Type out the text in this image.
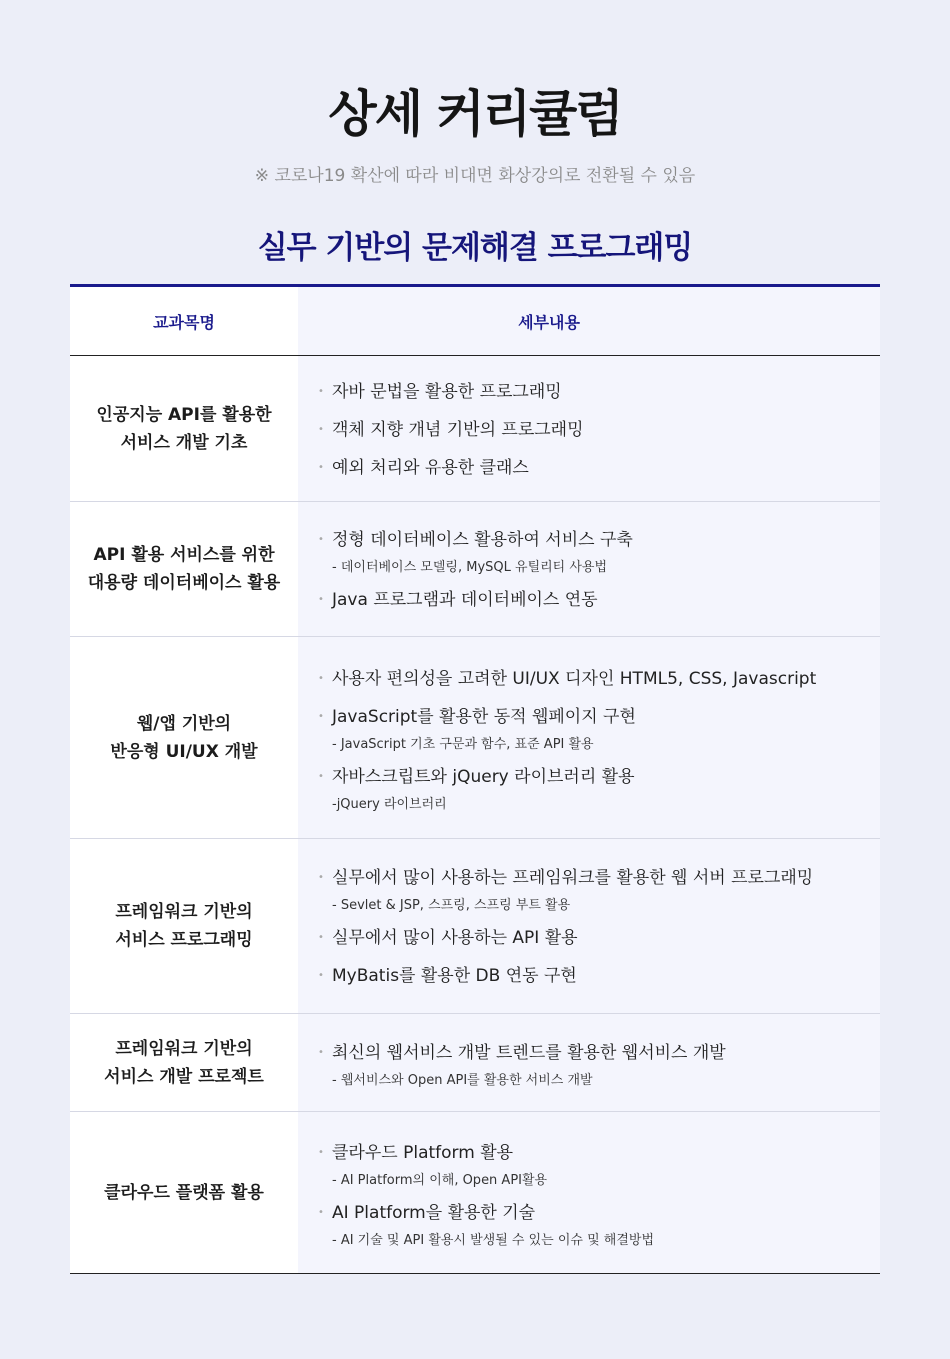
상세 커리큘럼
※ 코로나19 확산에 따라 비대면 화상강의로 전환될 수 있음
실무 기반의 문제해결 프로그래밍
교과목명	세부내용
인공지능 API를 활용한
서비스 개발 기초
• 자바 문법을 활용한 프로그래밍
• 객체 지향 개념 기반의 프로그래밍
• 예외 처리와 유용한 클래스
API 활용 서비스를 위한
대용량 데이터베이스 활용
• 정형 데이터베이스 활용하여 서비스 구축
- 데이터베이스 모델링, MySQL 유틸리티 사용법
• Java 프로그램과 데이터베이스 연동
웹/앱 기반의
반응형 UI/UX 개발
• 사용자 편의성을 고려한 UI/UX 디자인 HTML5, CSS, Javascript
• JavaScript를 활용한 동적 웹페이지 구현
- JavaScript 기초 구문과 함수, 표준 API 활용
• 자바스크립트와 jQuery 라이브러리 활용
-jQuery 라이브러리
프레임워크 기반의
서비스 프로그래밍
• 실무에서 많이 사용하는 프레임워크를 활용한 웹 서버 프로그래밍
- Sevlet & JSP, 스프링, 스프링 부트 활용
• 실무에서 많이 사용하는 API 활용
• MyBatis를 활용한 DB 연동 구현
프레임워크 기반의
서비스 개발 프로젝트
• 최신의 웹서비스 개발 트렌드를 활용한 웹서비스 개발
- 웹서비스와 Open API를 활용한 서비스 개발
클라우드 플랫폼 활용
• 클라우드 Platform 활용
- AI Platform의 이해, Open API활용
• AI Platform을 활용한 기술
- AI 기술 및 API 활용시 발생될 수 있는 이슈 및 해결방법
